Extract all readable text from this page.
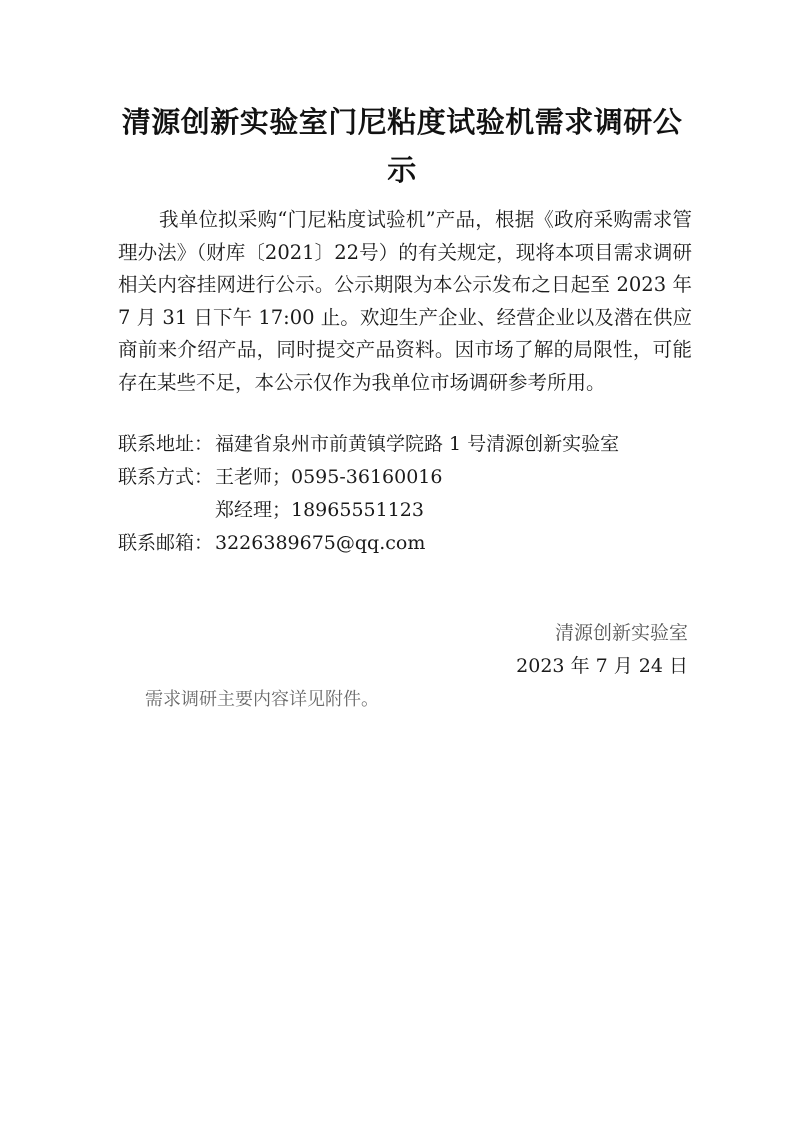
清源创新实验室门尼粘度试验机需求调研公示

我单位拟采购“门尼粘度试验机”产品，根据《政府采购需求管理办法》（财库〔2021〕22号）的有关规定，现将本项目需求调研相关内容挂网进行公示。公示期限为本公示发布之日起至 2023 年 7 月 31 日下午 17:00 止。欢迎生产企业、经营企业以及潜在供应商前来介绍产品，同时提交产品资料。因市场了解的局限性，可能存在某些不足，本公示仅作为我单位市场调研参考所用。

联系地址： 福建省泉州市前黄镇学院路 1 号清源创新实验室
联系方式： 王老师；0595-36160016
郑经理；18965551123
联系邮箱： 3226389675@qq.com
清源创新实验室
2023 年 7 月 24 日

需求调研主要内容详见附件。
